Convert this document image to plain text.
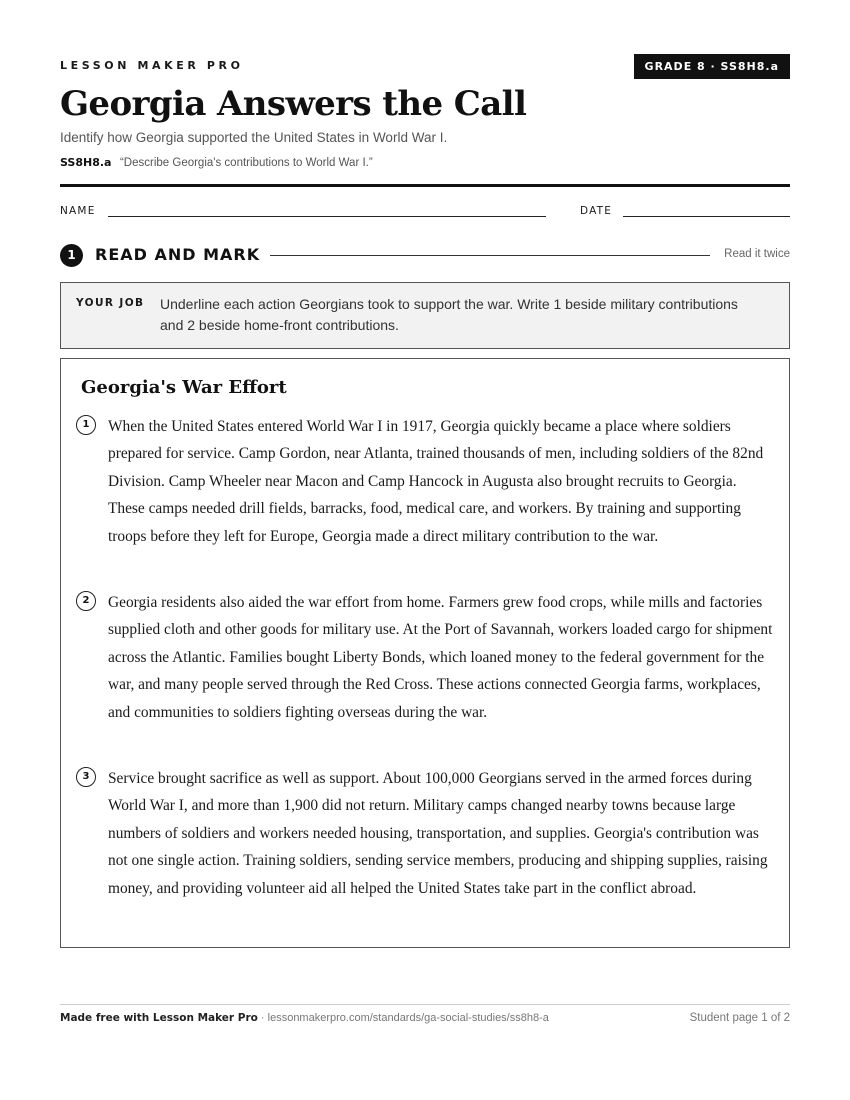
LESSON MAKER PRO	GRADE 8 · SS8H8.a
Georgia Answers the Call
Identify how Georgia supported the United States in World War I.
SS8H8.a “Describe Georgia's contributions to World War I.”
NAME	DATE
1	READ AND MARK	Read it twice
YOUR JOB Underline each action Georgians took to support the war. Write 1 beside military contributions and 2 beside home-front contributions.
Georgia's War Effort
1	When the United States entered World War I in 1917, Georgia quickly became a place where soldiers prepared for service. Camp Gordon, near Atlanta, trained thousands of men, including soldiers of the 82nd Division. Camp Wheeler near Macon and Camp Hancock in Augusta also brought recruits to Georgia. These camps needed drill fields, barracks, food, medical care, and workers. By training and supporting troops before they left for Europe, Georgia made a direct military contribution to the war.
2	Georgia residents also aided the war effort from home. Farmers grew food crops, while mills and factories supplied cloth and other goods for military use. At the Port of Savannah, workers loaded cargo for shipment across the Atlantic. Families bought Liberty Bonds, which loaned money to the federal government for the war, and many people served through the Red Cross. These actions connected Georgia farms, workplaces, and communities to soldiers fighting overseas during the war.
3	Service brought sacrifice as well as support. About 100,000 Georgians served in the armed forces during World War I, and more than 1,900 did not return. Military camps changed nearby towns because large numbers of soldiers and workers needed housing, transportation, and supplies. Georgia's contribution was not one single action. Training soldiers, sending service members, producing and shipping supplies, raising money, and providing volunteer aid all helped the United States take part in the conflict abroad.
Made free with Lesson Maker Pro · lessonmakerpro.com/standards/ga-social-studies/ss8h8-a	Student page 1 of 2
